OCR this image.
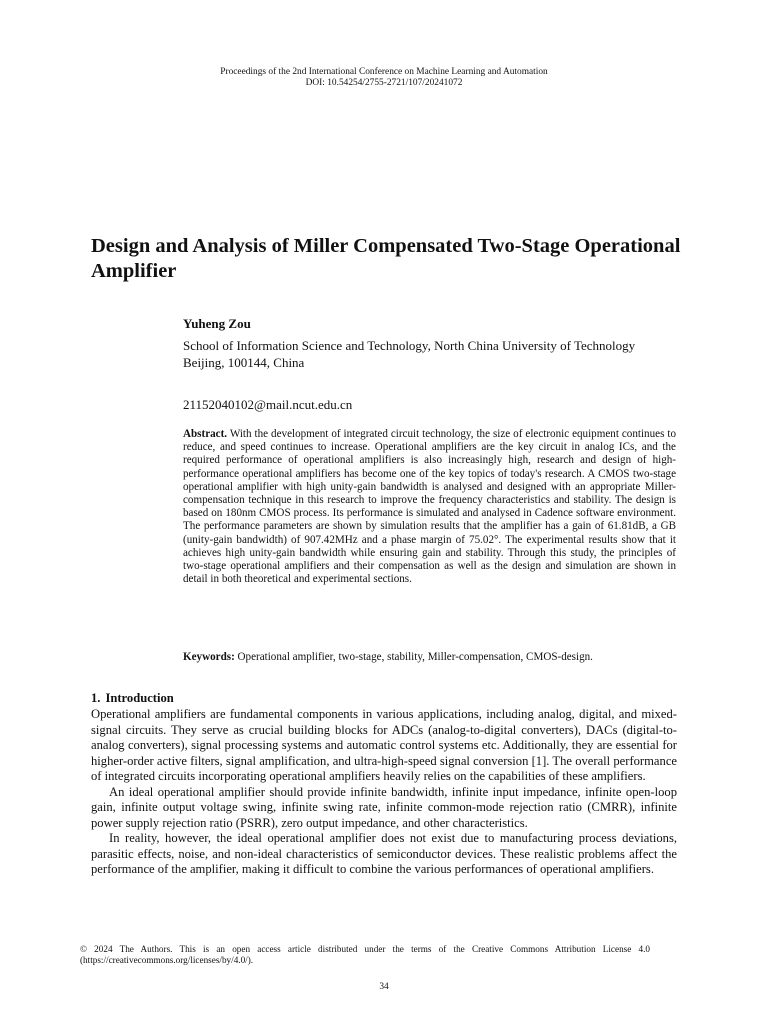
Proceedings of the 2nd International Conference on Machine Learning and Automation
DOI: 10.54254/2755-2721/107/20241072
Design and Analysis of Miller Compensated Two-Stage Operational Amplifier
Yuheng Zou
School of Information Science and Technology, North China University of Technology Beijing, 100144, China
21152040102@mail.ncut.edu.cn

Abstract. With the development of integrated circuit technology, the size of electronic equipment continues to reduce, and speed continues to increase. Operational amplifiers are the key circuit in analog ICs, and the required performance of operational amplifiers is also increasingly high, research and design of high-performance operational amplifiers has become one of the key topics of today's research. A CMOS two-stage operational amplifier with high unity-gain bandwidth is analysed and designed with an appropriate Miller-compensation technique in this research to improve the frequency characteristics and stability. The design is based on 180nm CMOS process. Its performance is simulated and analysed in Cadence software environment. The performance parameters are shown by simulation results that the amplifier has a gain of 61.81dB, a GB (unity-gain bandwidth) of 907.42MHz and a phase margin of 75.02°. The experimental results show that it achieves high unity-gain bandwidth while ensuring gain and stability. Through this study, the principles of two-stage operational amplifiers and their compensation as well as the design and simulation are shown in detail in both theoretical and experimental sections.

Keywords: Operational amplifier, two-stage, stability, Miller-compensation, CMOS-design.

1. Introduction

Operational amplifiers are fundamental components in various applications, including analog, digital, and mixed-signal circuits. They serve as crucial building blocks for ADCs (analog-to-digital converters), DACs (digital-to-analog converters), signal processing systems and automatic control systems etc. Additionally, they are essential for higher-order active filters, signal amplification, and ultra-high-speed signal conversion [1]. The overall performance of integrated circuits incorporating operational amplifiers heavily relies on the capabilities of these amplifiers.

An ideal operational amplifier should provide infinite bandwidth, infinite input impedance, infinite open-loop gain, infinite output voltage swing, infinite swing rate, infinite common-mode rejection ratio (CMRR), infinite power supply rejection ratio (PSRR), zero output impedance, and other characteristics.

In reality, however, the ideal operational amplifier does not exist due to manufacturing process deviations, parasitic effects, noise, and non-ideal characteristics of semiconductor devices. These realistic problems affect the performance of the amplifier, making it difficult to combine the various performances of operational amplifiers.

© 2024 The Authors. This is an open access article distributed under the terms of the Creative Commons Attribution License 4.0 (https://creativecommons.org/licenses/by/4.0/).
34
